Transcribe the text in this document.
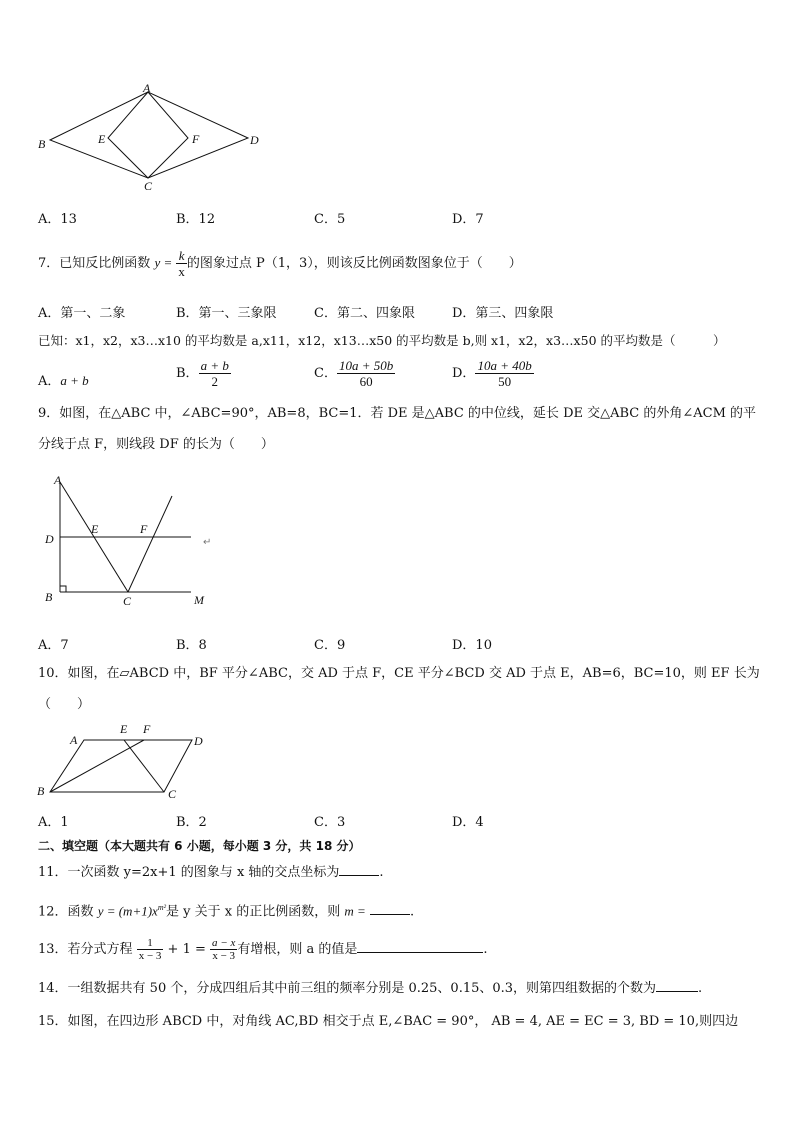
A
B
C
D
E	F
A．13	B．12	C．5	D．7
7．已知反比例函数 $y = \frac{k}{x}$ 的图象过点 P（1，3），则该反比例函数图象位于（　　）
A．第一、二象	B．第一、三象限	C．第二、四象限	D．第三、四象限
已知：x1，x2，x3…x10 的平均数是 a,x11，x12，x13…x50 的平均数是 b,则 x1，x2，x3…x50 的平均数是（　　　）
A．a + b	B． $\frac{a + b}{2}$	C． $\frac{10a + 50b}{60}$	D． $\frac{10a + 40b}{50}$
9．如图，在△ABC 中，∠ABC=90°，AB=8，BC=1．若 DE 是△ABC 的中位线，延长 DE 交△ABC 的外角∠ACM 的平
分线于点 F，则线段 DF 的长为（　　）
A
D
E	F
B	C	M
↵
A．7	B．8	C．9	D．10
10．如图，在▱ABCD 中，BF 平分∠ABC，交 AD 于点 F，CE 平分∠BCD 交 AD 于点 E，AB=6，BC=10，则 EF 长为
（　　）
A
E F
D
B	C
A．1	B．2	C．3	D．4
二、填空题（本大题共有 6 小题，每小题 3 分，共 18 分）
11．一次函数 y=2x+1 的图象与 x 轴的交点坐标为	.
12．函数 $y = (m+1)x^{m^2}$是 y 关于 x 的正比例函数，则 m =	.
13．若分式方程 $\frac{1}{x - 3} + 1 = \frac{a - x}{x - 3}$ 有增根，则 a 的值是	.
14．一组数据共有 50 个，分成四组后其中前三组的频率分别是 0.25、0.15、0.3，则第四组数据的个数为	.
15．如图，在四边形 ABCD 中，对角线 AC,BD 相交于点 E,∠BAC = 90°， AB = 4, AE = EC = 3, BD = 10,则四边
